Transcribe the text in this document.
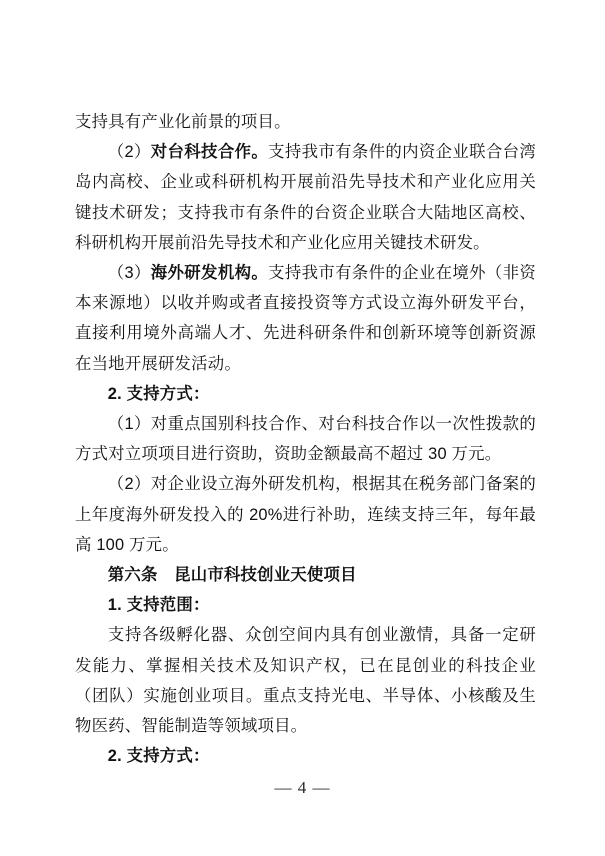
支持具有产业化前景的项目。

（2）对台科技合作。支持我市有条件的内资企业联合台湾岛内高校、企业或科研机构开展前沿先导技术和产业化应用关键技术研发；支持我市有条件的台资企业联合大陆地区高校、科研机构开展前沿先导技术和产业化应用关键技术研发。

（3）海外研发机构。支持我市有条件的企业在境外（非资本来源地）以收并购或者直接投资等方式设立海外研发平台，直接利用境外高端人才、先进科研条件和创新环境等创新资源在当地开展研发活动。

2. 支持方式：

（1）对重点国别科技合作、对台科技合作以一次性拨款的方式对立项项目进行资助，资助金额最高不超过 30 万元。

（2）对企业设立海外研发机构，根据其在税务部门备案的上年度海外研发投入的 20%进行补助，连续支持三年，每年最高 100 万元。

第六条　昆山市科技创业天使项目

1. 支持范围：

支持各级孵化器、众创空间内具有创业激情，具备一定研发能力、掌握相关技术及知识产权，已在昆创业的科技企业（团队）实施创业项目。重点支持光电、半导体、小核酸及生物医药、智能制造等领域项目。

2. 支持方式：

— 4 —
